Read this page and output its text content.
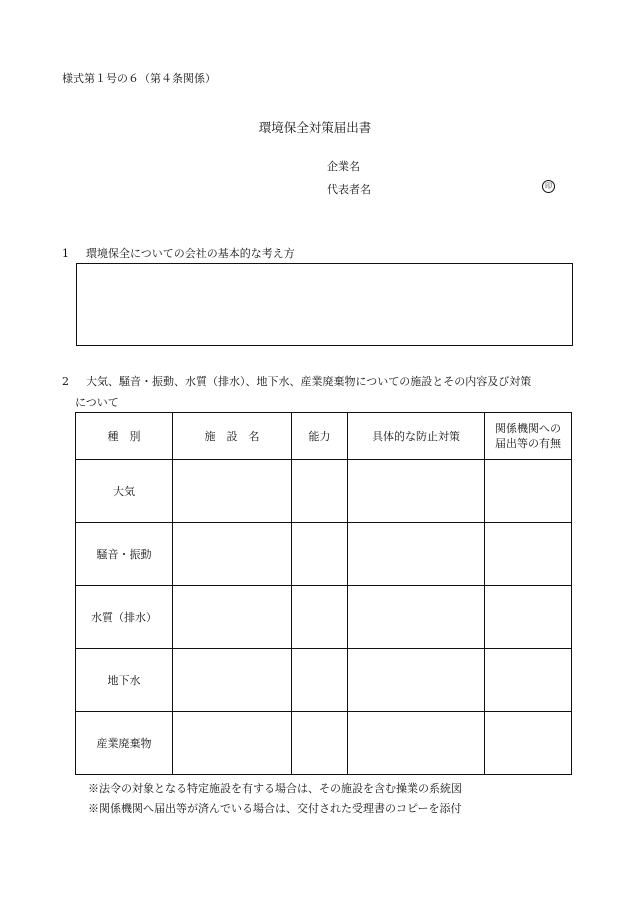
様式第１号の６（第４条関係）
環境保全対策届出書
企業名
代表者名	印
1 環境保全についての会社の基本的な考え方
2 大気、騒音・振動、水質（排水）、地下水、産業廃棄物についての施設とその内容及び対策
について
種　別	施　設　名	能力	具体的な防止対策	関係機関への
届出等の有無
大気				
騒音・振動				
水質（排水）				
地下水				
産業廃棄物				
※法令の対象となる特定施設を有する場合は、その施設を含む操業の系統図
※関係機関へ届出等が済んでいる場合は、交付された受理書のコピーを添付
